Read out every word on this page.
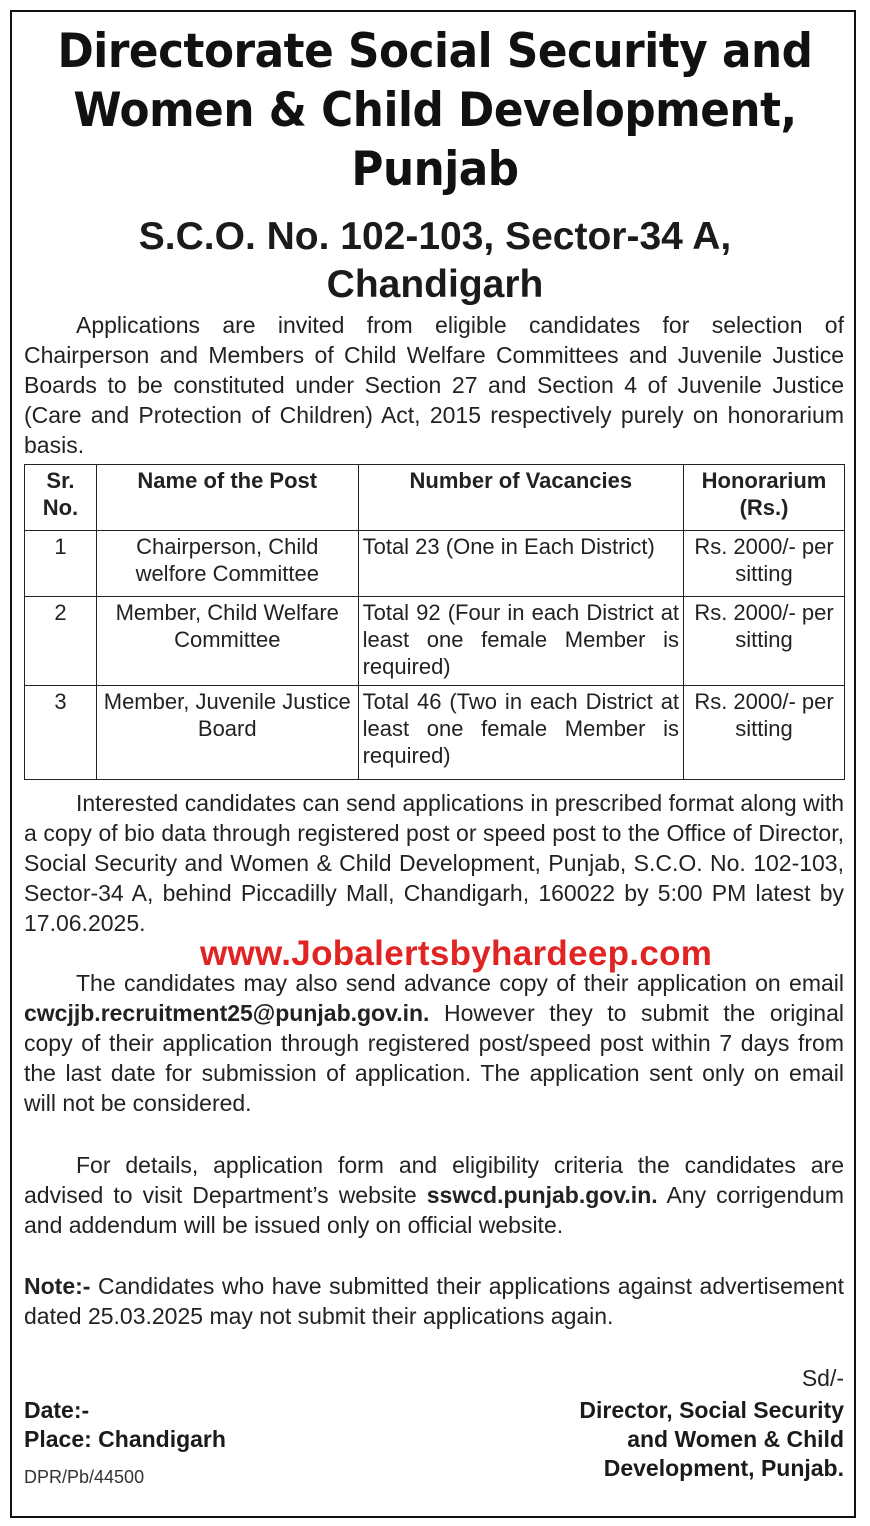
Directorate Social Security and
Women & Child Development,
Punjab
S.C.O. No. 102-103, Sector-34 A,
Chandigarh
Applications are invited from eligible candidates for selection of Chairperson and Members of Child Welfare Committees and Juvenile Justice Boards to be constituted under Section 27 and Section 4 of Juvenile Justice (Care and Protection of Children) Act, 2015 respectively purely on honorarium basis.
Sr. No.	Name of the Post	Number of Vacancies	Honorarium (Rs.)
1	Chairperson, Child welfore Committee	Total 23 (One in Each District)	Rs. 2000/- per sitting
2	Member, Child Welfare Committee	Total 92 (Four in each District at least one female Member is required)	Rs. 2000/- per sitting
3	Member, Juvenile Justice Board	Total 46 (Two in each District at least one female Member is required)	Rs. 2000/- per sitting
Interested candidates can send applications in prescribed format along with a copy of bio data through registered post or speed post to the Office of Director, Social Security and Women & Child Development, Punjab, S.C.O. No. 102-103, Sector-34 A, behind Piccadilly Mall, Chandigarh, 160022 by 5:00 PM latest by 17.06.2025.
The candidates may also send advance copy of their application on email cwcjjb.recruitment25@punjab.gov.in. However they to submit the original copy of their application through registered post/speed post within 7 days from the last date for submission of application. The application sent only on email will not be considered.
For details, application form and eligibility criteria the candidates are advised to visit Department’s website sswcd.punjab.gov.in. Any corrigendum and addendum will be issued only on official website.
Note:- Candidates who have submitted their applications against advertisement dated 25.03.2025 may not submit their applications again.
www.Jobalertsbyhardeep.com
Sd/-
Date:-
Place: Chandigarh
Director, Social Security
and Women & Child
Development, Punjab.
DPR/Pb/44500
